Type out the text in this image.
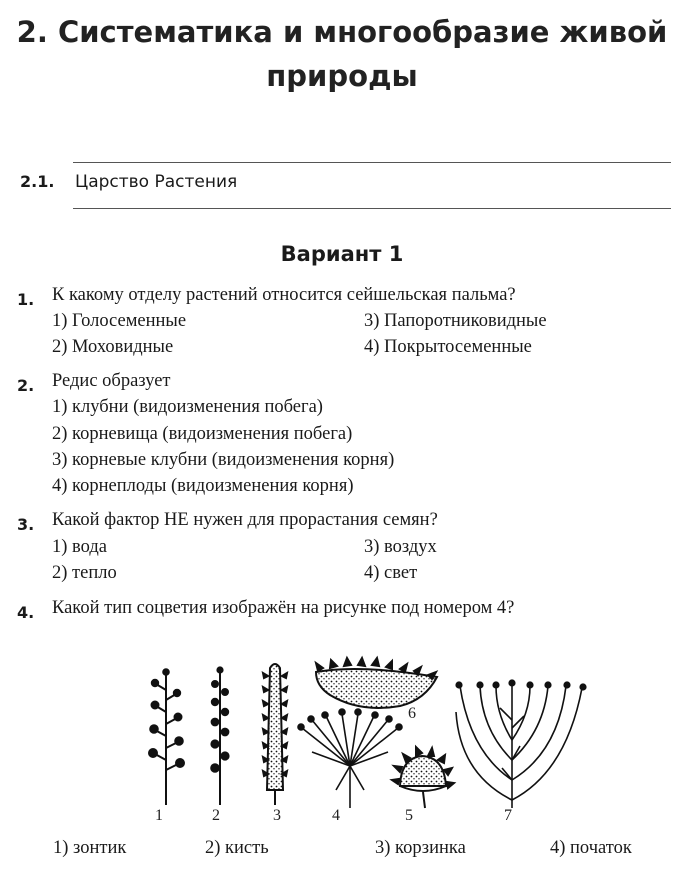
2. Систематика и многообразие живой
природы
2.1. Царство Растения
Вариант 1
1. К какому отделу растений относится сейшельская пальма?
1) Голосеменные	3) Папоротниковидные
2) Моховидные	4) Покрытосеменные
2. Редис образует
1) клубни (видоизменения побега)
2) корневища (видоизменения побега)
3) корневые клубни (видоизменения корня)
4) корнеплоды (видоизменения корня)
3. Какой фактор НЕ нужен для прорастания семян?
1) вода	3) воздух
2) тепло	4) свет
4. Какой тип соцветия изображён на рисунке под номером 4?
1	2	3	4	5
6
7
1) зонтик	2) кисть	3) корзинка	4) початок
